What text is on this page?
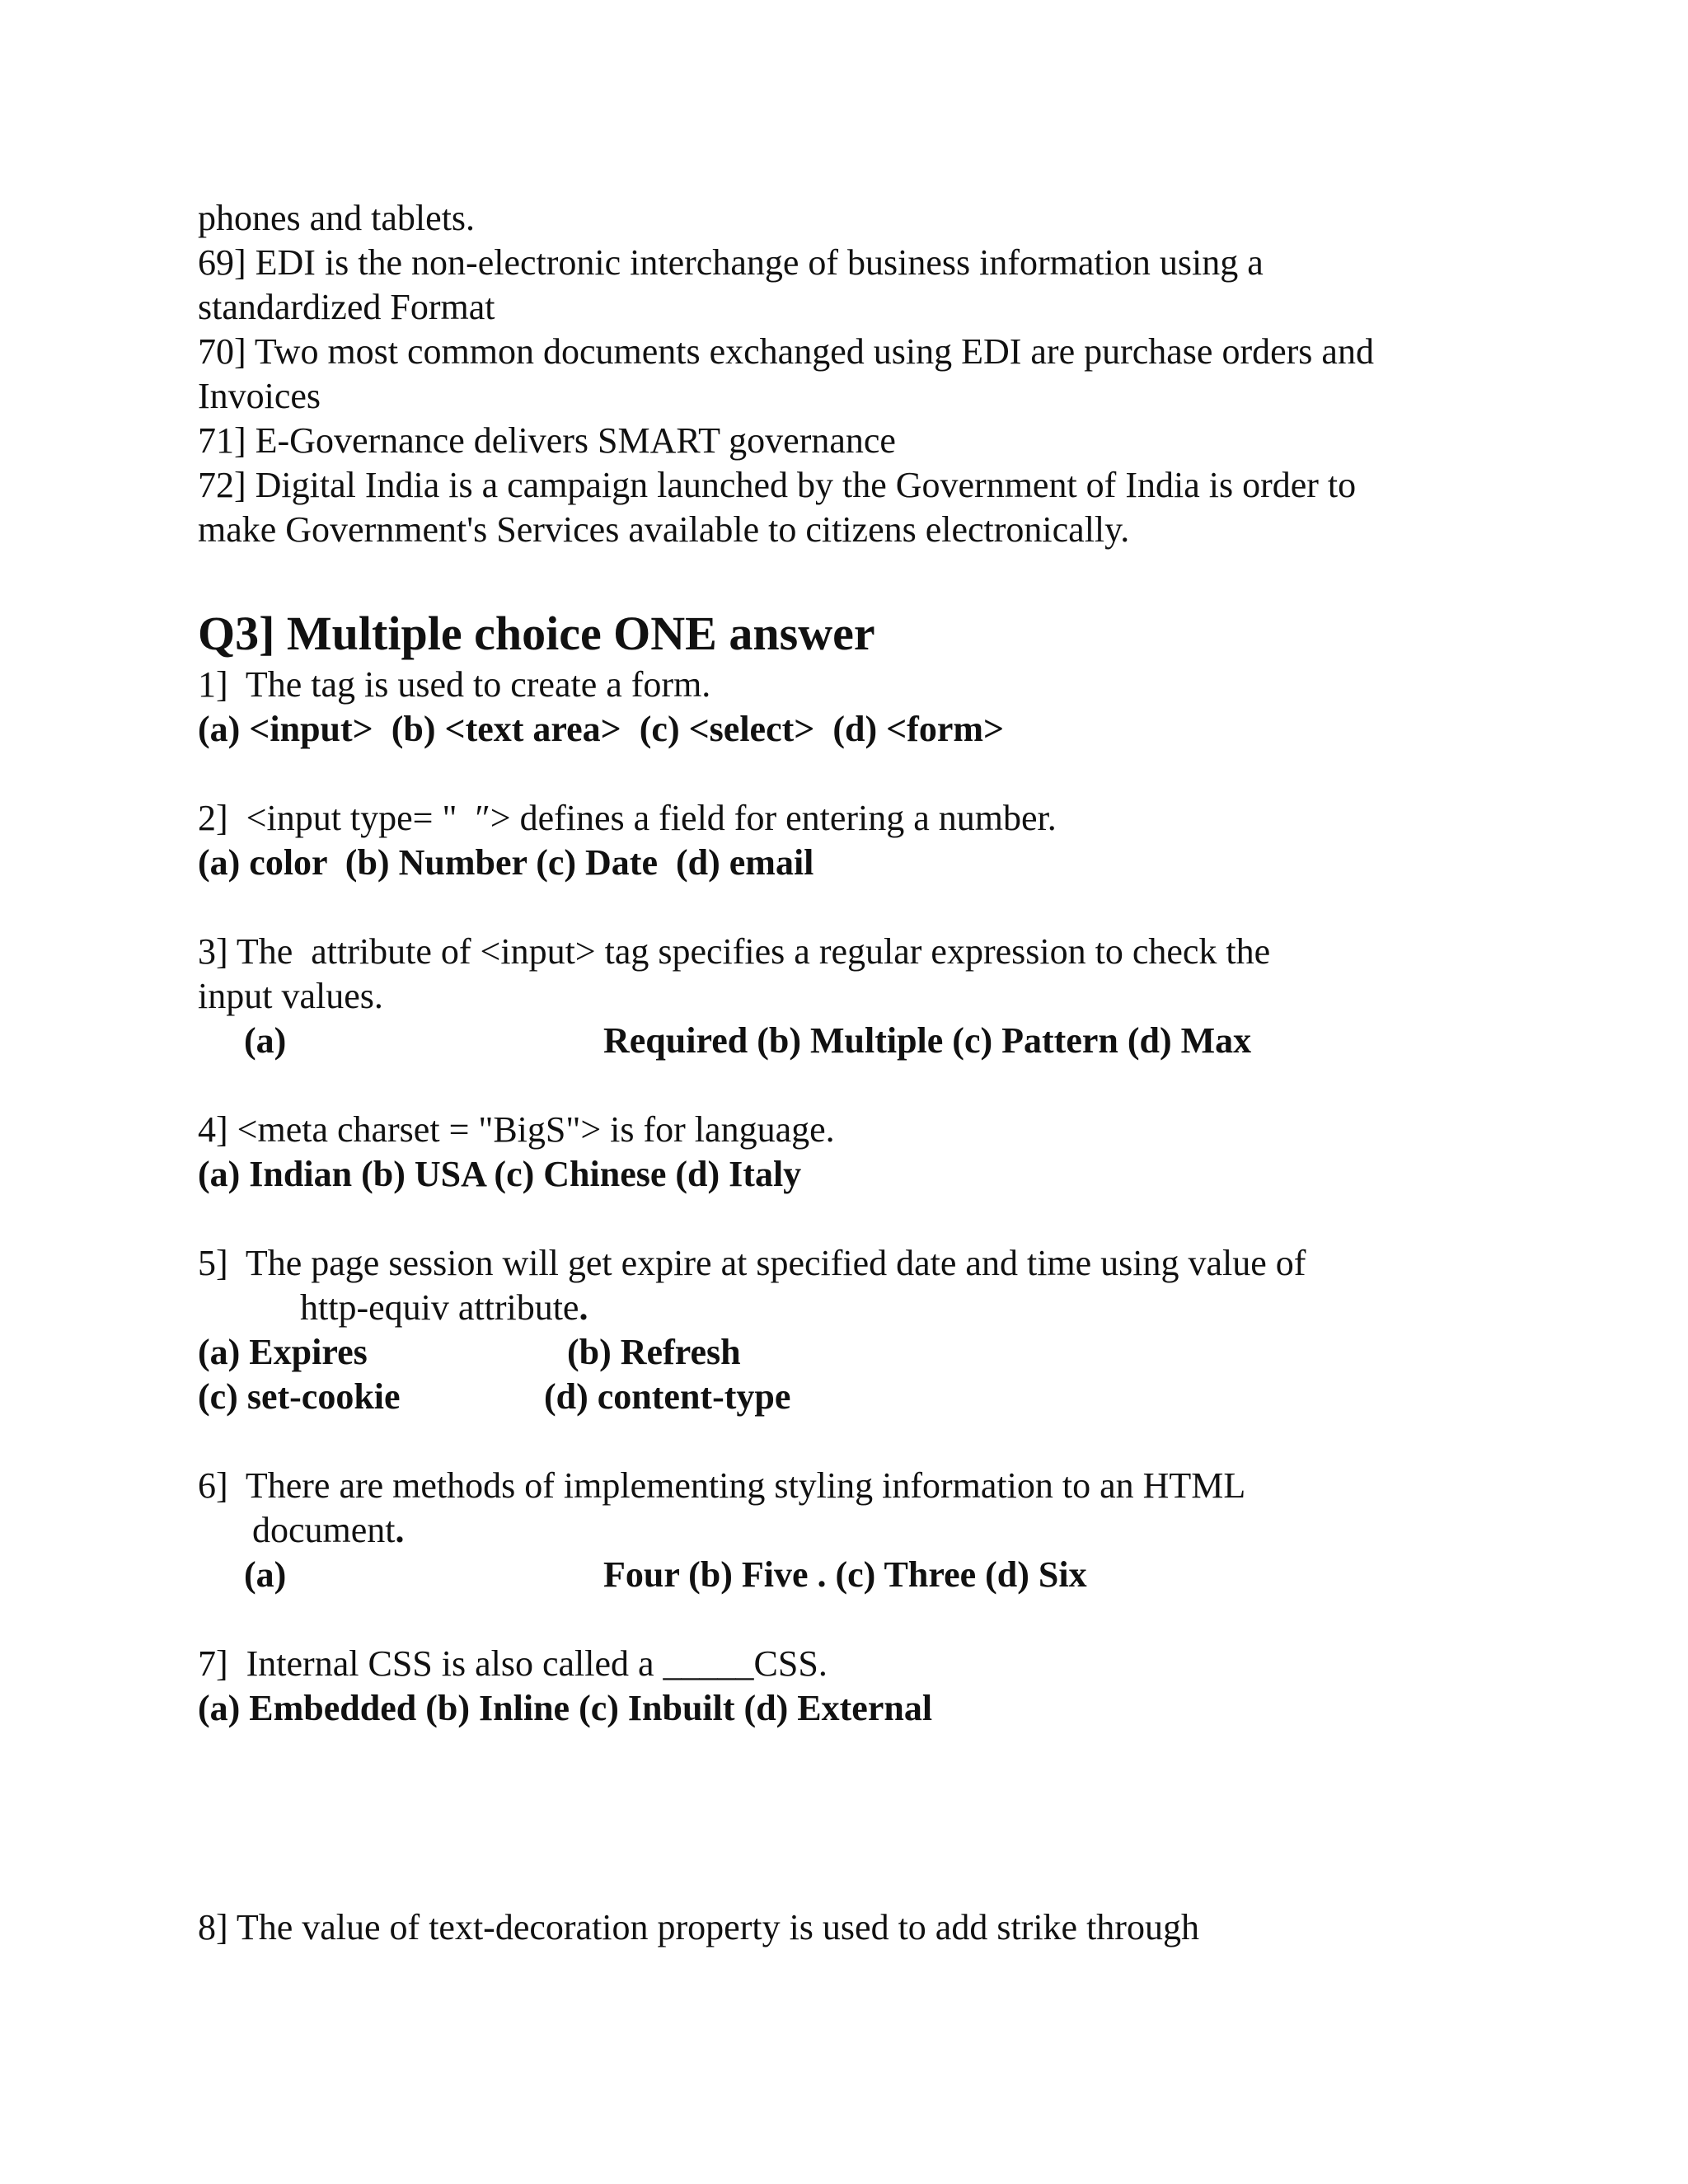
phones and tablets.

69] EDI is the non-electronic interchange of business information using a

standardized Format

70] Two most common documents exchanged using EDI are purchase orders and

Invoices

71] E-Governance delivers SMART governance

72] Digital India is a campaign launched by the Government of India is order to

make Government's Services available to citizens electronically.

Q3] Multiple choice ONE answer

1]  The tag is used to create a form.

(a) <input>  (b) <text area>  (c) <select>  (d) <form>

2]  <input type= "  ″> defines a field for entering a number.

(a) color  (b) Number (c) Date  (d) email

3] The  attribute of <input> tag specifies a regular expression to check the

input values.

(a)	Required (b) Multiple (c) Pattern (d) Max

4] <meta charset = "BigS"> is for language.

(a) Indian (b) USA (c) Chinese (d) Italy

5]  The page session will get expire at specified date and time using value of

http-equiv attribute.

(a) Expires	(b) Refresh

(c) set-cookie	(d) content-type

6]  There are methods of implementing styling information to an HTML

document.

(a)	Four (b) Five . (c) Three (d) Six

7]  Internal CSS is also called a _____CSS.

(a) Embedded (b) Inline (c) Inbuilt (d) External

8] The value of text-decoration property is used to add strike through
